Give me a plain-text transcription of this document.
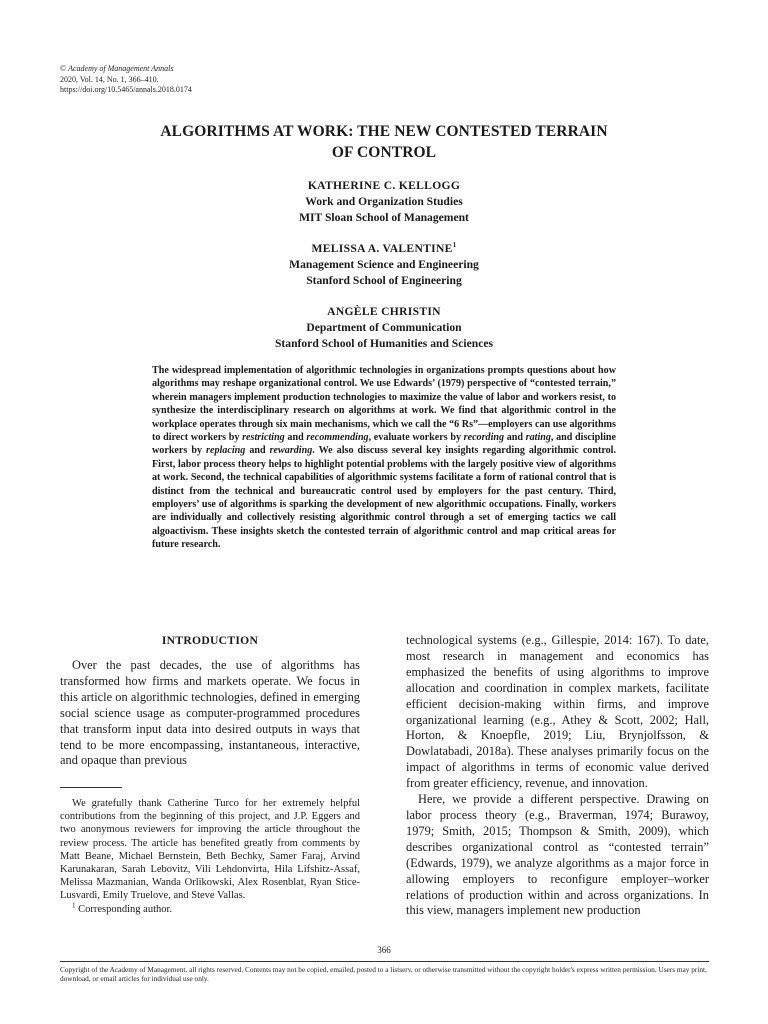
© Academy of Management Annals
2020, Vol. 14, No. 1, 366–410.
https://doi.org/10.5465/annals.2018.0174
ALGORITHMS AT WORK: THE NEW CONTESTED TERRAIN
OF CONTROL
KATHERINE C. KELLOGG
Work and Organization Studies
MIT Sloan School of Management
MELISSA A. VALENTINE$^1$
Management Science and Engineering
Stanford School of Engineering
ANGÈLE CHRISTIN
Department of Communication
Stanford School of Humanities and Sciences
The widespread implementation of algorithmic technologies in organizations prompts questions about how algorithms may reshape organizational control. We use Edwards’ (1979) perspective of “contested terrain,” wherein managers implement production technologies to maximize the value of labor and workers resist, to synthesize the interdisciplinary research on algorithms at work. We find that algorithmic control in the workplace operates through six main mechanisms, which we call the “6 Rs”—employers can use algorithms to direct workers by restricting and recommending, evaluate workers by recording and rating, and discipline workers by replacing and rewarding. We also discuss several key insights regarding algorithmic control. First, labor process theory helps to highlight potential problems with the largely positive view of algorithms at work. Second, the technical capabilities of algorithmic systems facilitate a form of rational control that is distinct from the technical and bureaucratic control used by employers for the past century. Third, employers’ use of algorithms is sparking the development of new algorithmic occupations. Finally, workers are individually and collectively resisting algorithmic control through a set of emerging tactics we call algoactivism. These insights sketch the contested terrain of algorithmic control and map critical areas for future research.
INTRODUCTION

Over the past decades, the use of algorithms has transformed how firms and markets operate. We focus in this article on algorithmic technologies, defined in emerging social science usage as computer-programmed procedures that transform input data into desired outputs in ways that tend to be more encompassing, instantaneous, interactive, and opaque than previous

technological systems (e.g., Gillespie, 2014: 167). To date, most research in management and economics has emphasized the benefits of using algorithms to improve allocation and coordination in complex markets, facilitate efficient decision-making within firms, and improve organizational learning (e.g., Athey & Scott, 2002; Hall, Horton, & Knoepfle, 2019; Liu, Brynjolfsson, & Dowlatabadi, 2018a). These analyses primarily focus on the impact of algorithms in terms of economic value derived from greater efficiency, revenue, and innovation.

Here, we provide a different perspective. Drawing on labor process theory (e.g., Braverman, 1974; Burawoy, 1979; Smith, 2015; Thompson & Smith, 2009), which describes organizational control as “contested terrain” (Edwards, 1979), we analyze algorithms as a major force in allowing employers to reconfigure employer–worker relations of production within and across organizations. In this view, managers implement new production

We gratefully thank Catherine Turco for her extremely helpful contributions from the beginning of this project, and J.P. Eggers and two anonymous reviewers for improving the article throughout the review process. The article has benefited greatly from comments by Matt Beane, Michael Bernstein, Beth Bechky, Samer Faraj, Arvind Karunakaran, Sarah Lebovitz, Vili Lehdonvirta, Hila Lifshitz-Assaf, Melissa Mazmanian, Wanda Orlikowski, Alex Rosenblat, Ryan Stice-Lusvardi, Emily Truelove, and Steve Vallas.

$^1$ Corresponding author.

366
Copyright of the Academy of Management, all rights reserved. Contents may not be copied, emailed, posted to a listserv, or otherwise transmitted without the copyright holder's express written permission. Users may print, download, or email articles for individual use only.
